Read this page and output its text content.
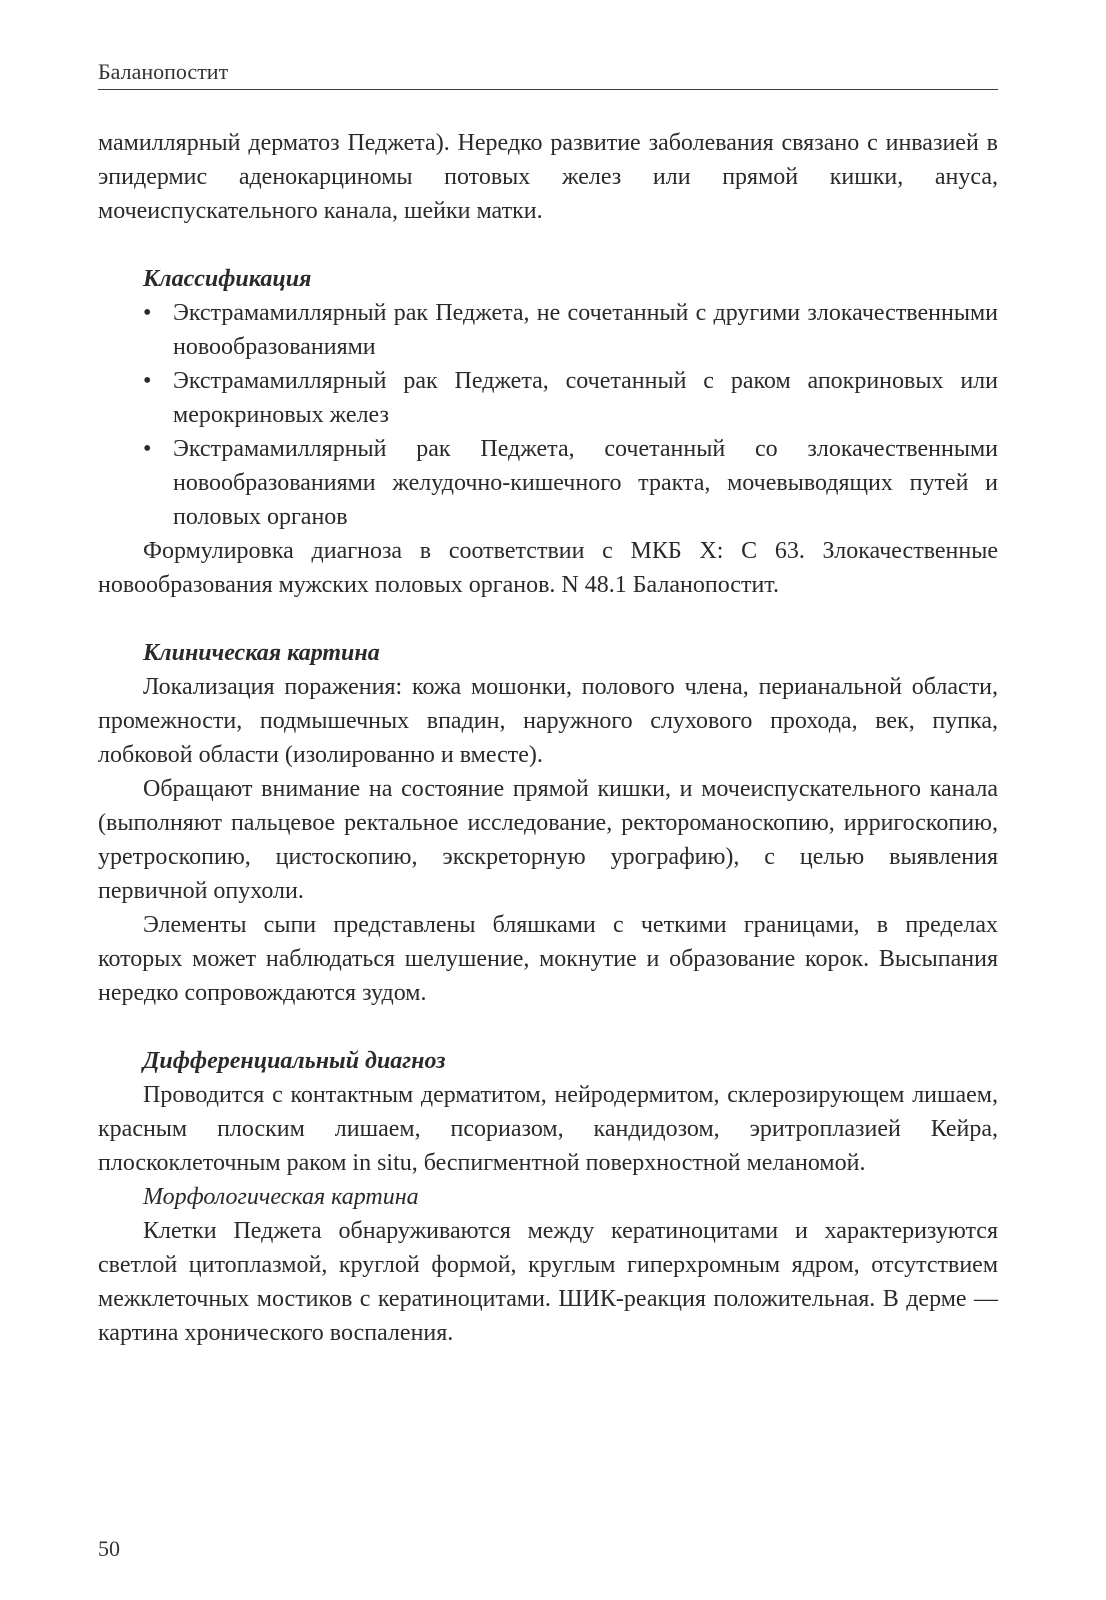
Баланопостит

мамиллярный дерматоз Педжета). Нередко развитие заболевания связано с инвазией в эпидермис аденокарциномы потовых желез или прямой кишки, ануса, мочеиспускательного канала, шейки матки.

Классификация
• Экстрамамиллярный рак Педжета, не сочетанный с другими злокачественными новообразованиями
• Экстрамамиллярный рак Педжета, сочетанный с раком апокриновых или мерокриновых желез
• Экстрамамиллярный рак Педжета, сочетанный со злокачественными новообразованиями желудочно-кишечного тракта, мочевыводящих путей и половых органов

Формулировка диагноза в соответствии с МКБ X: С 63. Злокачественные новообразования мужских половых органов. N 48.1 Баланопостит.

Клиническая картина

Локализация поражения: кожа мошонки, полового члена, перианальной области, промежности, подмышечных впадин, наружного слухового прохода, век, пупка, лобковой области (изолированно и вместе).

Обращают внимание на состояние прямой кишки, и мочеиспускательного канала (выполняют пальцевое ректальное исследование, ректороманоскопию, ирригоскопию, уретроскопию, цистоскопию, экскреторную урографию), с целью выявления первичной опухоли.

Элементы сыпи представлены бляшками с четкими границами, в пределах которых может наблюдаться шелушение, мокнутие и образование корок. Высыпания нередко сопровождаются зудом.

Дифференциальный диагноз

Проводится с контактным дерматитом, нейродермитом, склерозирующем лишаем, красным плоским лишаем, псориазом, кандидозом, эритроплазией Кейра, плоскоклеточным раком in situ, беспигментной поверхностной меланомой.

Морфологическая картина

Клетки Педжета обнаруживаются между кератиноцитами и характеризуются светлой цитоплазмой, круглой формой, круглым гиперхромным ядром, отсутствием межклеточных мостиков с кератиноцитами. ШИК-реакция положительная. В дерме — картина хронического воспаления.

50
